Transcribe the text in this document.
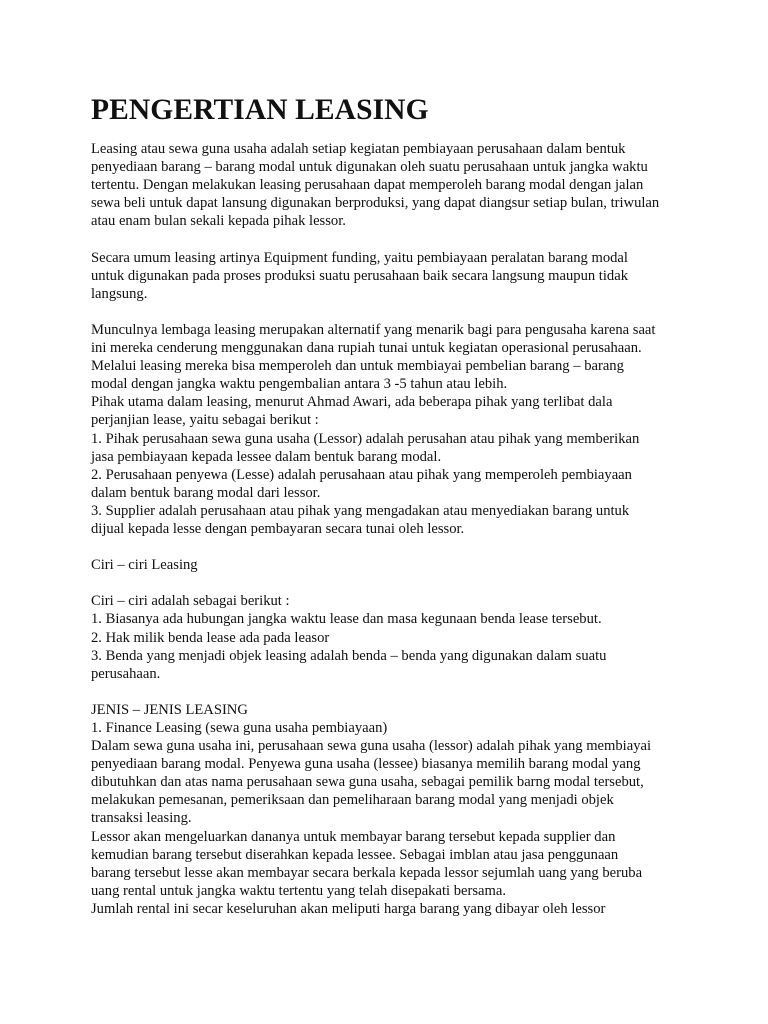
PENGERTIAN LEASING
Leasing atau sewa guna usaha adalah setiap kegiatan pembiayaan perusahaan dalam bentuk
penyediaan barang – barang modal untuk digunakan oleh suatu perusahaan untuk jangka waktu
tertentu. Dengan melakukan leasing perusahaan dapat memperoleh barang modal dengan jalan
sewa beli untuk dapat lansung digunakan berproduksi, yang dapat diangsur setiap bulan, triwulan
atau enam bulan sekali kepada pihak lessor.
Secara umum leasing artinya Equipment funding, yaitu pembiayaan peralatan barang modal
untuk digunakan pada proses produksi suatu perusahaan baik secara langsung maupun tidak
langsung.
Munculnya lembaga leasing merupakan alternatif yang menarik bagi para pengusaha karena saat
ini mereka cenderung menggunakan dana rupiah tunai untuk kegiatan operasional perusahaan.
Melalui leasing mereka bisa memperoleh dan untuk membiayai pembelian barang – barang
modal dengan jangka waktu pengembalian antara 3 -5 tahun atau lebih.
Pihak utama dalam leasing, menurut Ahmad Awari, ada beberapa pihak yang terlibat dala
perjanjian lease, yaitu sebagai berikut :
1. Pihak perusahaan sewa guna usaha (Lessor) adalah perusahan atau pihak yang memberikan
jasa pembiayaan kepada lessee dalam bentuk barang modal.
2. Perusahaan penyewa (Lesse) adalah perusahaan atau pihak yang memperoleh pembiayaan
dalam bentuk barang modal dari lessor.
3. Supplier adalah perusahaan atau pihak yang mengadakan atau menyediakan barang untuk
dijual kepada lesse dengan pembayaran secara tunai oleh lessor.
Ciri – ciri Leasing
Ciri – ciri adalah sebagai berikut :
1. Biasanya ada hubungan jangka waktu lease dan masa kegunaan benda lease tersebut.
2. Hak milik benda lease ada pada leasor
3. Benda yang menjadi objek leasing adalah benda – benda yang digunakan dalam suatu
perusahaan.
JENIS – JENIS LEASING
1. Finance Leasing (sewa guna usaha pembiayaan)
Dalam sewa guna usaha ini, perusahaan sewa guna usaha (lessor) adalah pihak yang membiayai
penyediaan barang modal. Penyewa guna usaha (lessee) biasanya memilih barang modal yang
dibutuhkan dan atas nama perusahaan sewa guna usaha, sebagai pemilik barng modal tersebut,
melakukan pemesanan, pemeriksaan dan pemeliharaan barang modal yang menjadi objek
transaksi leasing.
Lessor akan mengeluarkan dananya untuk membayar barang tersebut kepada supplier dan
kemudian barang tersebut diserahkan kepada lessee. Sebagai imblan atau jasa penggunaan
barang tersebut lesse akan membayar secara berkala kepada lessor sejumlah uang yang beruba
uang rental untuk jangka waktu tertentu yang telah disepakati bersama.
Jumlah rental ini secar keseluruhan akan meliputi harga barang yang dibayar oleh lessor
